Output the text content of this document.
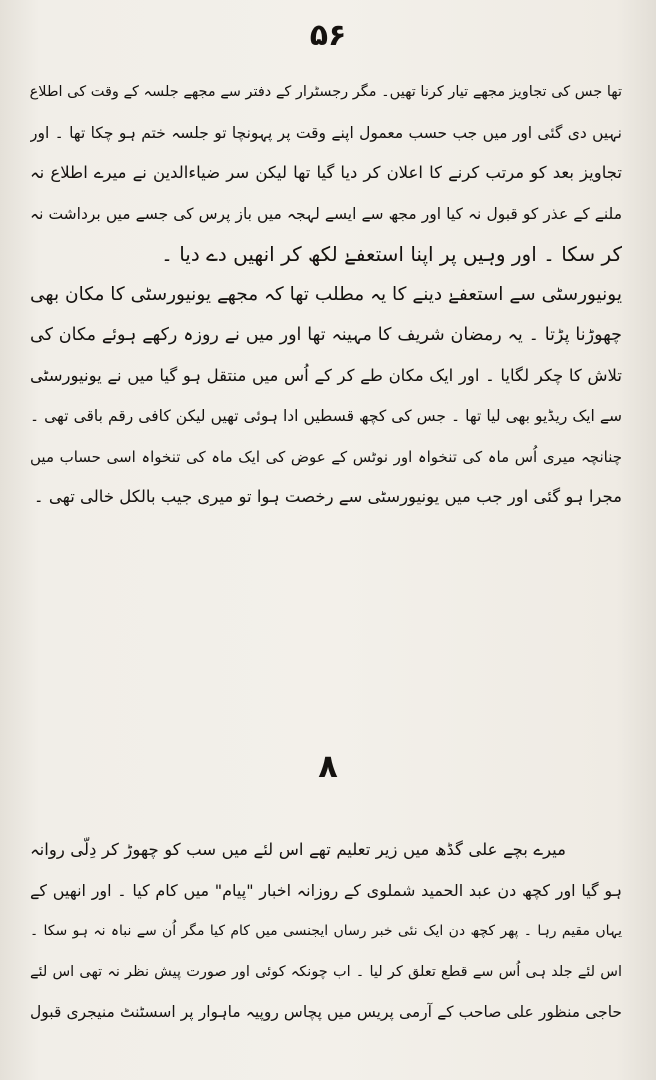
۵۶
تھا جس کی تجاویز مجھے تیار کرنا تھیں۔ مگر رجسٹرار کے دفتر سے مجھے جلسہ کے وقت کی اطلاع
نہیں دی گئی اور میں جب حسب معمول اپنے وقت پر پہونچا تو جلسہ ختم ہو چکا تھا ۔ اور
تجاویز بعد کو مرتب کرنے کا اعلان کر دیا گیا تھا لیکن سر ضیاءالدین نے میرے اطلاع نہ
ملنے کے عذر کو قبول نہ کیا اور مجھ سے ایسے لہجہ میں باز پرس کی جسے میں برداشت نہ
کر سکا ۔ اور وہیں پر اپنا استعفےٰ لکھ کر انھیں دے دیا ۔
یونیورسٹی سے استعفےٰ دینے کا یہ مطلب تھا کہ مجھے یونیورسٹی کا مکان بھی
چھوڑنا پڑتا ۔ یہ رمضان شریف کا مہینہ تھا اور میں نے روزہ رکھے ہوئے مکان کی
تلاش کا چکر لگایا ۔ اور ایک مکان طے کر کے اُس میں منتقل ہو گیا میں نے یونیورسٹی
سے ایک ریڈیو بھی لیا تھا ۔ جس کی کچھ قسطیں ادا ہوئی تھیں لیکن کافی رقم باقی تھی ۔
چنانچہ میری اُس ماہ کی تنخواہ اور نوٹس کے عوض کی ایک ماہ کی تنخواہ اسی حساب میں
مجرا ہو گئی اور جب میں یونیورسٹی سے رخصت ہوا تو میری جیب بالکل خالی تھی ۔
۸
میرے بچے علی گڈھ میں زیر تعلیم تھے اس لئے میں سب کو چھوڑ کر دِلّی روانہ
ہو گیا اور کچھ دن عبد الحمید شملوی کے روزانہ اخبار "پیام" میں کام کیا ۔ اور انھیں کے
یہاں مقیم رہا ۔ پھر کچھ دن ایک نئی خبر رساں ایجنسی میں کام کیا مگر اُن سے نباہ نہ ہو سکا ۔
اس لئے جلد ہی اُس سے قطع تعلق کر لیا ۔ اب چونکہ کوئی اور صورت پیش نظر نہ تھی اس لئے
حاجی منظور علی صاحب کے آرمی پریس میں پچاس روپیہ ماہوار پر اسسٹنٹ منیجری قبول
